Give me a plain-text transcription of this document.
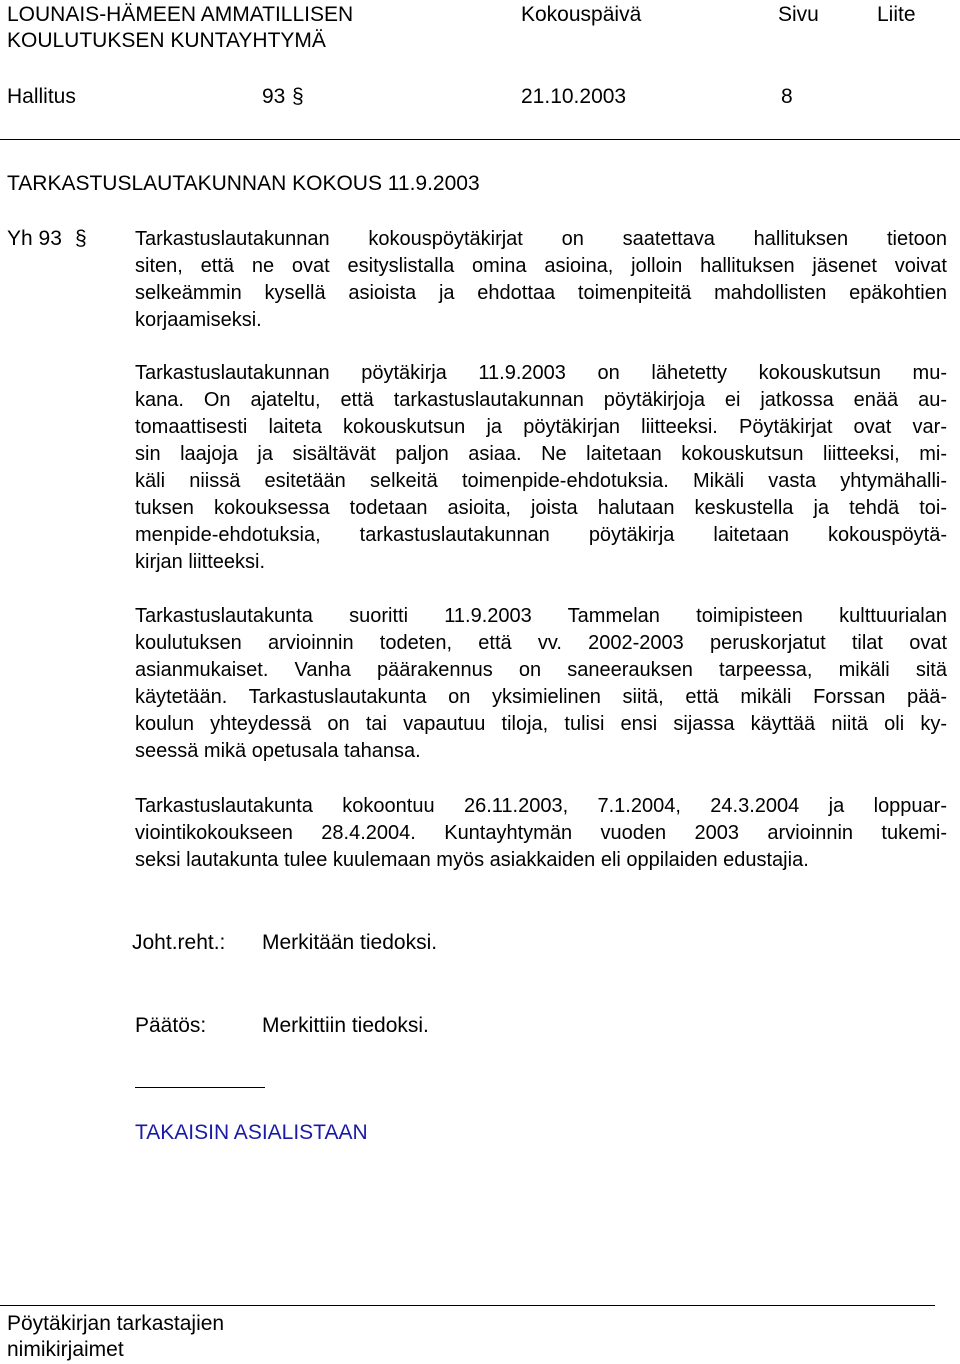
LOUNAIS-HÄMEEN AMMATILLISEN
KOULUTUKSEN KUNTAYHTYMÄ
Kokouspäivä	Sivu	Liite
Hallitus	93 §	21.10.2003	8
TARKASTUSLAUTAKUNNAN KOKOUS 11.9.2003
Yh 93 § Tarkastuslautakunnan kokouspöytäkirjat on saatettava hallituksen tietoon
siten, että ne ovat esityslistalla omina asioina, jolloin hallituksen jäsenet voivat
selkeämmin kysellä asioista ja ehdottaa toimenpiteitä mahdollisten epäkohtien
korjaamiseksi.
Tarkastuslautakunnan pöytäkirja 11.9.2003 on lähetetty kokouskutsun mu-
kana. On ajateltu, että tarkastuslautakunnan pöytäkirjoja ei jatkossa enää au-
tomaattisesti laiteta kokouskutsun ja pöytäkirjan liitteeksi. Pöytäkirjat ovat var-
sin laajoja ja sisältävät paljon asiaa. Ne laitetaan kokouskutsun liitteeksi, mi-
käli niissä esitetään selkeitä toimenpide-ehdotuksia. Mikäli vasta yhtymähalli-
tuksen kokouksessa todetaan asioita, joista halutaan keskustella ja tehdä toi-
menpide-ehdotuksia, tarkastuslautakunnan pöytäkirja laitetaan kokouspöytä-
kirjan liitteeksi.
Tarkastuslautakunta suoritti 11.9.2003 Tammelan toimipisteen kulttuurialan
koulutuksen arvioinnin todeten, että vv. 2002-2003 peruskorjatut tilat ovat
asianmukaiset. Vanha päärakennus on saneerauksen tarpeessa, mikäli sitä
käytetään. Tarkastuslautakunta on yksimielinen siitä, että mikäli Forssan pää-
koulun yhteydessä on tai vapautuu tiloja, tulisi ensi sijassa käyttää niitä oli ky-
seessä mikä opetusala tahansa.
Tarkastuslautakunta kokoontuu 26.11.2003, 7.1.2004, 24.3.2004 ja loppuar-
viointikokoukseen 28.4.2004. Kuntayhtymän vuoden 2003 arvioinnin tukemi-
seksi lautakunta tulee kuulemaan myös asiakkaiden eli oppilaiden edustajia.
Joht.reht.: Merkitään tiedoksi.
Päätös:	Merkittiin tiedoksi.
TAKAISIN ASIALISTAAN
Pöytäkirjan tarkastajien
nimikirjaimet
